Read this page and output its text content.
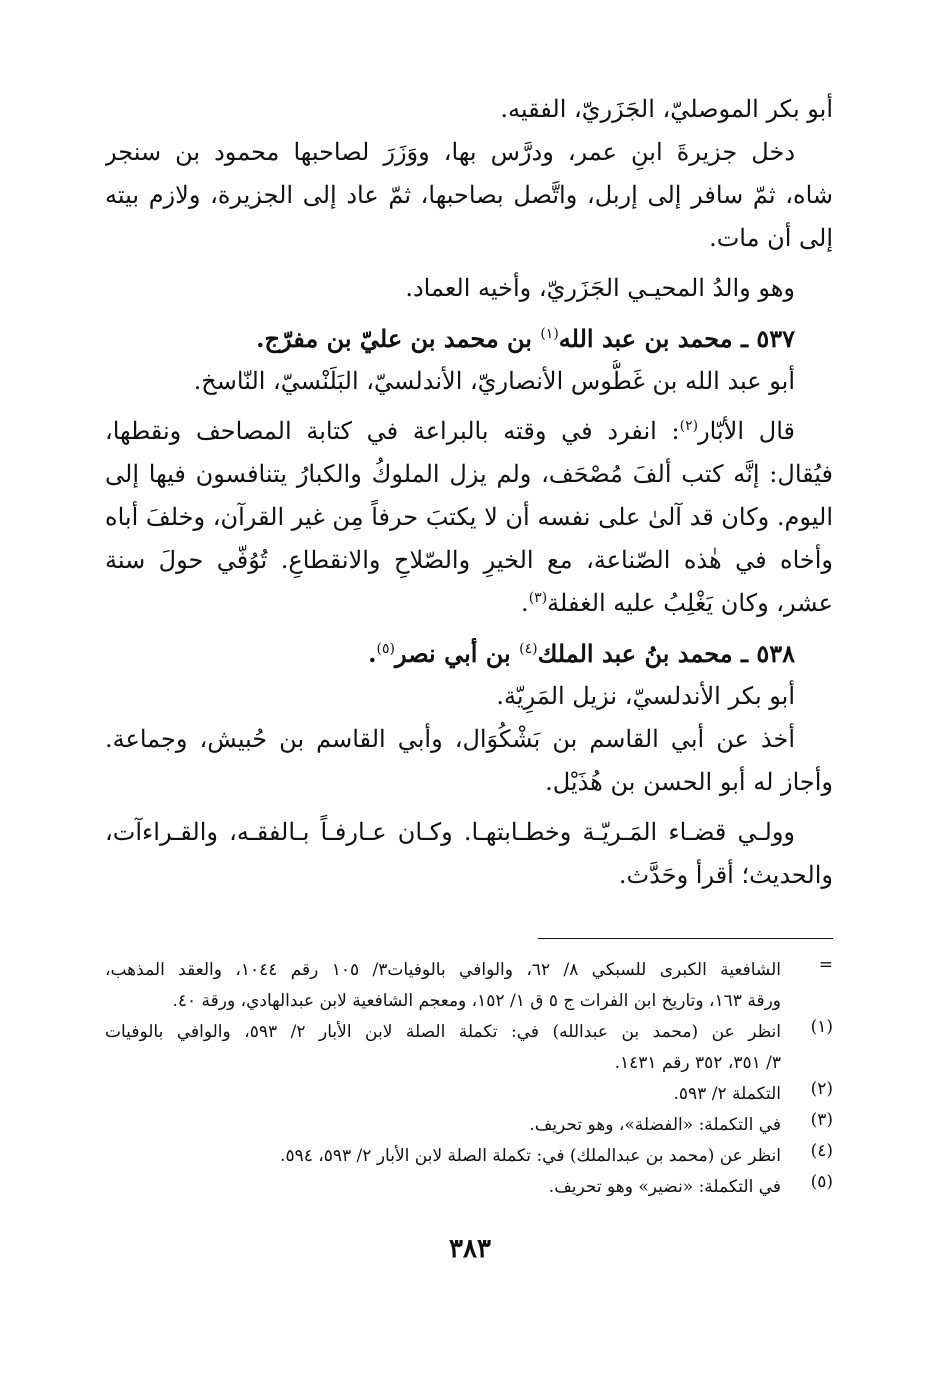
أبو بكر الموصليّ، الجَزَريّ، الفقيه.
دخل جزيرةَ ابنِ عمر، ودرَّس بها، ووَزَرَ لصاحبها محمود بن سنجر
شاه، ثمّ سافر إلى إربل، واتَّصل بصاحبها، ثمّ عاد إلى الجزيرة، ولازم بيته
إلى أن مات.
وهو والدُ المحيـي الجَزَريّ، وأخيه العماد.
٥٣٧ ـ محمد بن عبد الله$^{(١)}$ بن محمد بن عليّ بن مفرّج.
أبو عبد الله بن غَطُّوس الأنصاريّ، الأندلسيّ، البَلَنْسيّ، النّاسخ.
قال الأبّار$^{(٢)}$: انفرد في وقته بالبراعة في كتابة المصاحف ونقطها،
فيُقال: إنَّه كتب ألفَ مُصْحَف، ولم يزل الملوكُ والكبارُ يتنافسون فيها إلى
اليوم. وكان قد آلىٰ على نفسه أن لا يكتبَ حرفاً مِن غير القرآن، وخلفَ أباه
وأخاه في هٰذه الصّناعة، مع الخيرِ والصّلاحِ والانقطاعِ. تُوُفّي حولَ سنة
عشر، وكان يَغْلِبُ عليه الغفلة$^{(٣)}$.
٥٣٨ ـ محمد بنُ عبد الملك$^{(٤)}$ بن أبي نصر$^{(٥)}$.
أبو بكر الأندلسيّ، نزيل المَرِيّة.
أخذ عن أبي القاسم بن بَشْكُوَال، وأبي القاسم بن حُبيش، وجماعة.
وأجاز له أبو الحسن بن هُذَيْل.
وولـي قضـاء المَـريّـة وخطـابتهـا. وكـان عـارفـاً بـالفقـه، والقـراءآت،
والحديث؛ أقرأ وحَدَّث.
=
الشافعية الكبرى للسبكي ٨/ ٦٢، والوافي بالوفيات٣/ ١٠٥ رقم ١٠٤٤، والعقد المذهب،
ورقة ١٦٣، وتاريخ ابن الفرات ج ٥ ق ١/ ١٥٢، ومعجم الشافعية لابن عبدالهادي، ورقة ٤٠.
(١)
انظر عن (محمد بن عبدالله) في: تكملة الصلة لابن الأبار ٢/ ٥٩٣، والوافي بالوفيات
٣/ ٣٥١، ٣٥٢ رقم ١٤٣١.
(٢)
التكملة ٢/ ٥٩٣.
(٣)
في التكملة: «الفضلة»، وهو تحريف.
(٤)
انظر عن (محمد بن عبدالملك) في: تكملة الصلة لابن الأبار ٢/ ٥٩٣، ٥٩٤.
(٥)
في التكملة: «نضير» وهو تحريف.
٣٨٣
